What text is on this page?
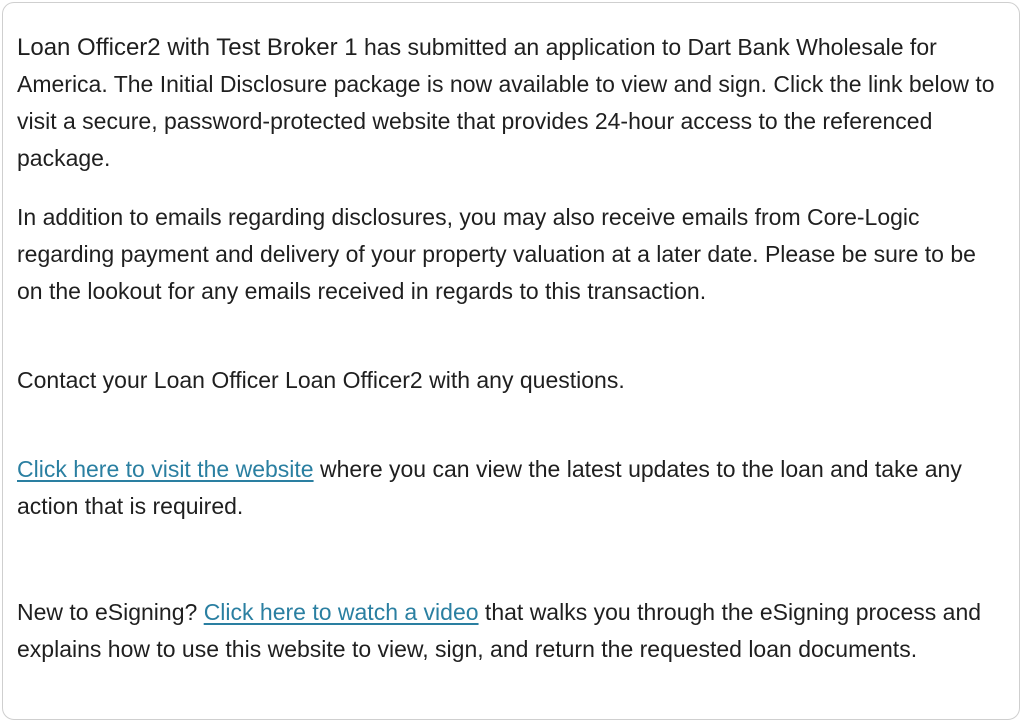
Loan Officer2 with Test Broker 1 has submitted an application to Dart Bank Wholesale for America. The Initial Disclosure package is now available to view and sign. Click the link below to visit a secure, password-protected website that provides 24-hour access to the referenced package.

In addition to emails regarding disclosures, you may also receive emails from Core-Logic regarding payment and delivery of your property valuation at a later date. Please be sure to be on the lookout for any emails received in regards to this transaction.

Contact your Loan Officer Loan Officer2 with any questions.

Click here to visit the website where you can view the latest updates to the loan and take any action that is required.

New to eSigning? Click here to watch a video that walks you through the eSigning process and explains how to use this website to view, sign, and return the requested loan documents.
